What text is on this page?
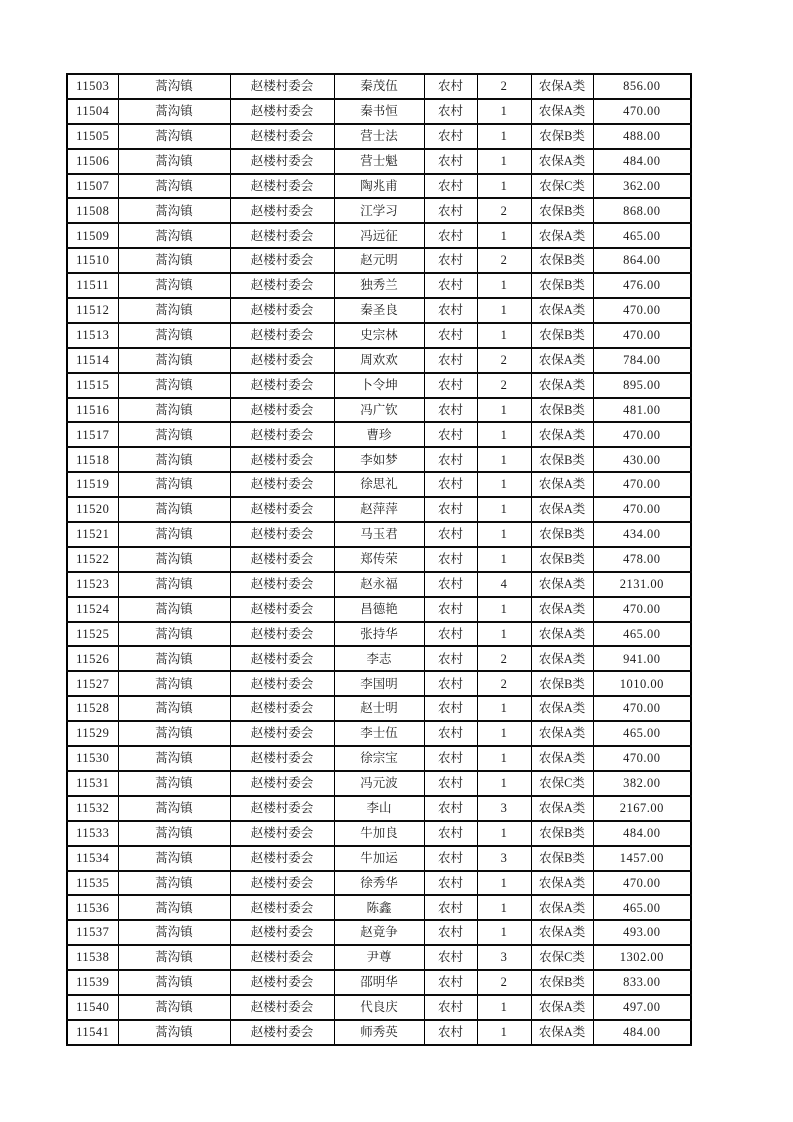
11503	蒿沟镇	赵楼村委会	秦茂伍	农村	2	农保A类	856.00
11504	蒿沟镇	赵楼村委会	秦书恒	农村	1	农保A类	470.00
11505	蒿沟镇	赵楼村委会	营士法	农村	1	农保B类	488.00
11506	蒿沟镇	赵楼村委会	营士魁	农村	1	农保A类	484.00
11507	蒿沟镇	赵楼村委会	陶兆甫	农村	1	农保C类	362.00
11508	蒿沟镇	赵楼村委会	江学习	农村	2	农保B类	868.00
11509	蒿沟镇	赵楼村委会	冯远征	农村	1	农保A类	465.00
11510	蒿沟镇	赵楼村委会	赵元明	农村	2	农保B类	864.00
11511	蒿沟镇	赵楼村委会	独秀兰	农村	1	农保B类	476.00
11512	蒿沟镇	赵楼村委会	秦圣良	农村	1	农保A类	470.00
11513	蒿沟镇	赵楼村委会	史宗林	农村	1	农保B类	470.00
11514	蒿沟镇	赵楼村委会	周欢欢	农村	2	农保A类	784.00
11515	蒿沟镇	赵楼村委会	卜令坤	农村	2	农保A类	895.00
11516	蒿沟镇	赵楼村委会	冯广钦	农村	1	农保B类	481.00
11517	蒿沟镇	赵楼村委会	曹珍	农村	1	农保A类	470.00
11518	蒿沟镇	赵楼村委会	李如梦	农村	1	农保B类	430.00
11519	蒿沟镇	赵楼村委会	徐思礼	农村	1	农保A类	470.00
11520	蒿沟镇	赵楼村委会	赵萍萍	农村	1	农保A类	470.00
11521	蒿沟镇	赵楼村委会	马玉君	农村	1	农保B类	434.00
11522	蒿沟镇	赵楼村委会	郑传荣	农村	1	农保B类	478.00
11523	蒿沟镇	赵楼村委会	赵永福	农村	4	农保A类	2131.00
11524	蒿沟镇	赵楼村委会	昌德艳	农村	1	农保A类	470.00
11525	蒿沟镇	赵楼村委会	张持华	农村	1	农保A类	465.00
11526	蒿沟镇	赵楼村委会	李志	农村	2	农保A类	941.00
11527	蒿沟镇	赵楼村委会	李国明	农村	2	农保B类	1010.00
11528	蒿沟镇	赵楼村委会	赵士明	农村	1	农保A类	470.00
11529	蒿沟镇	赵楼村委会	李士伍	农村	1	农保A类	465.00
11530	蒿沟镇	赵楼村委会	徐宗宝	农村	1	农保A类	470.00
11531	蒿沟镇	赵楼村委会	冯元波	农村	1	农保C类	382.00
11532	蒿沟镇	赵楼村委会	李山	农村	3	农保A类	2167.00
11533	蒿沟镇	赵楼村委会	牛加良	农村	1	农保B类	484.00
11534	蒿沟镇	赵楼村委会	牛加运	农村	3	农保B类	1457.00
11535	蒿沟镇	赵楼村委会	徐秀华	农村	1	农保A类	470.00
11536	蒿沟镇	赵楼村委会	陈鑫	农村	1	农保A类	465.00
11537	蒿沟镇	赵楼村委会	赵竟争	农村	1	农保A类	493.00
11538	蒿沟镇	赵楼村委会	尹尊	农村	3	农保C类	1302.00
11539	蒿沟镇	赵楼村委会	邵明华	农村	2	农保B类	833.00
11540	蒿沟镇	赵楼村委会	代良庆	农村	1	农保A类	497.00
11541	蒿沟镇	赵楼村委会	师秀英	农村	1	农保A类	484.00
